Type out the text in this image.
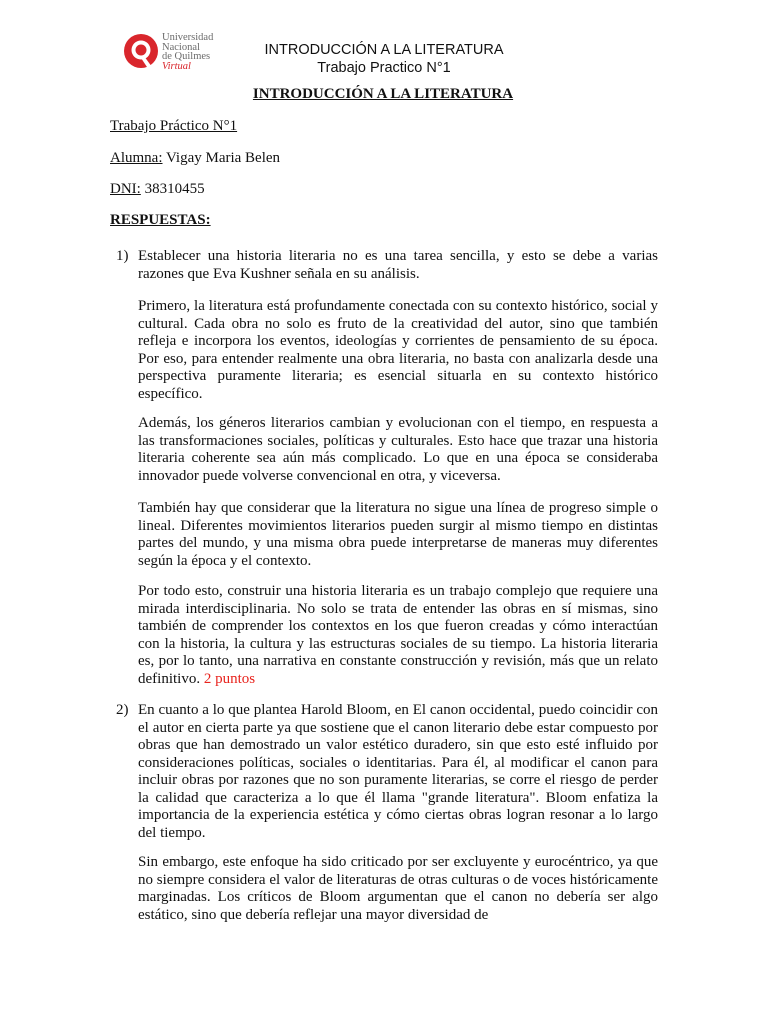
Universidad
Nacional
de Quilmes
Virtual
INTRODUCCIÓN A LA LITERATURA
Trabajo Practico N°1
INTRODUCCIÓN A LA LITERATURA
Trabajo Práctico N°1
Alumna: Vigay Maria Belen
DNI: 38310455
RESPUESTAS:
1) Establecer una historia literaria no es una tarea sencilla, y esto se debe a varias razones que Eva Kushner señala en su análisis.
Primero, la literatura está profundamente conectada con su contexto histórico, social y cultural. Cada obra no solo es fruto de la creatividad del autor, sino que también refleja e incorpora los eventos, ideologías y corrientes de pensamiento de su época. Por eso, para entender realmente una obra literaria, no basta con analizarla desde una perspectiva puramente literaria; es esencial situarla en su contexto histórico específico.
Además, los géneros literarios cambian y evolucionan con el tiempo, en respuesta a las transformaciones sociales, políticas y culturales. Esto hace que trazar una historia literaria coherente sea aún más complicado. Lo que en una época se consideraba innovador puede volverse convencional en otra, y viceversa.
También hay que considerar que la literatura no sigue una línea de progreso simple o lineal. Diferentes movimientos literarios pueden surgir al mismo tiempo en distintas partes del mundo, y una misma obra puede interpretarse de maneras muy diferentes según la época y el contexto.
Por todo esto, construir una historia literaria es un trabajo complejo que requiere una mirada interdisciplinaria. No solo se trata de entender las obras en sí mismas, sino también de comprender los contextos en los que fueron creadas y cómo interactúan con la historia, la cultura y las estructuras sociales de su tiempo. La historia literaria es, por lo tanto, una narrativa en constante construcción y revisión, más que un relato definitivo. 2 puntos
2) En cuanto a lo que plantea Harold Bloom, en El canon occidental, puedo coincidir con el autor en cierta parte ya que sostiene que el canon literario debe estar compuesto por obras que han demostrado un valor estético duradero, sin que esto esté influido por consideraciones políticas, sociales o identitarias. Para él, al modificar el canon para incluir obras por razones que no son puramente literarias, se corre el riesgo de perder la calidad que caracteriza a lo que él llama "grande literatura". Bloom enfatiza la importancia de la experiencia estética y cómo ciertas obras logran resonar a lo largo del tiempo.
Sin embargo, este enfoque ha sido criticado por ser excluyente y eurocéntrico, ya que no siempre considera el valor de literaturas de otras culturas o de voces históricamente marginadas. Los críticos de Bloom argumentan que el canon no debería ser algo estático, sino que debería reflejar una mayor diversidad de
